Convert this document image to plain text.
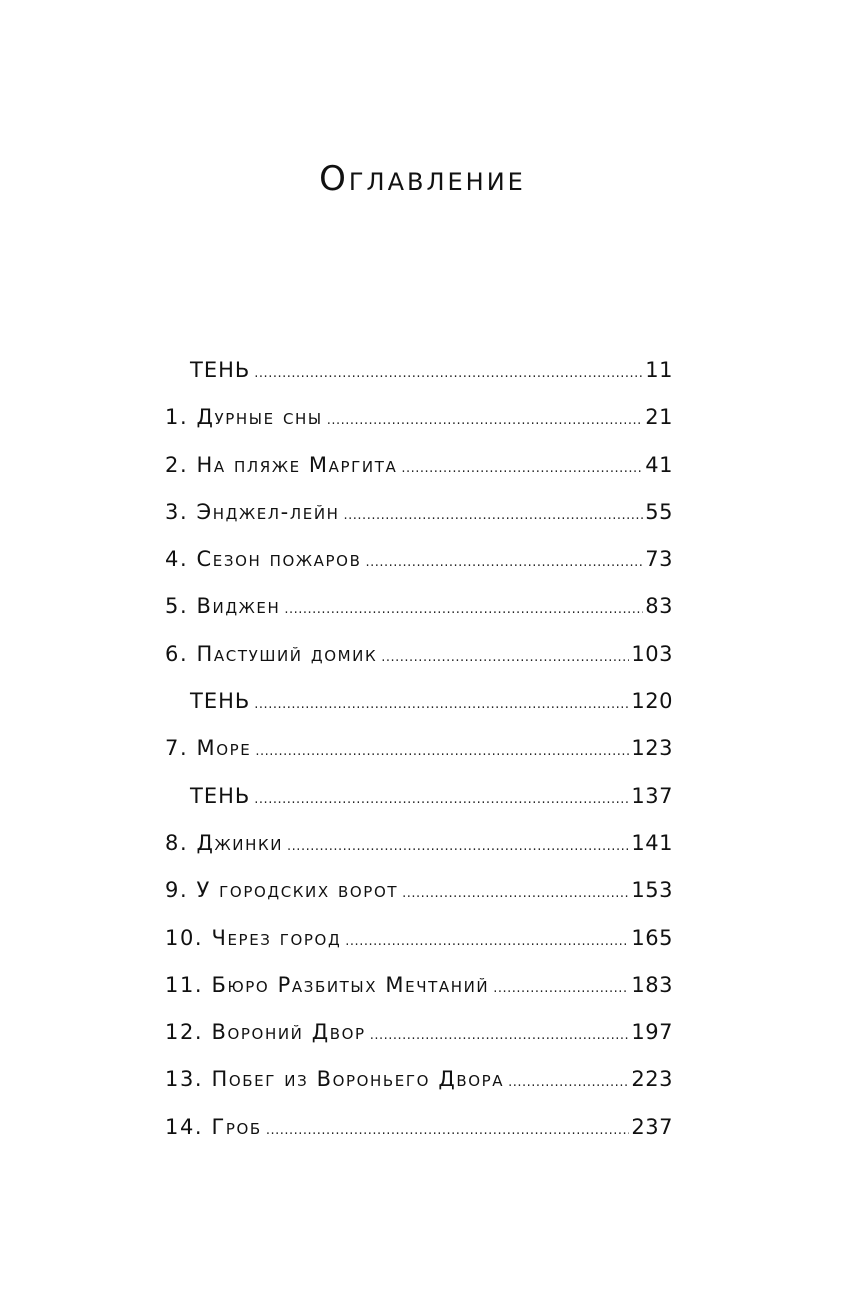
Оглавление
ТЕНЬ .....	11
1. Дурные сны .....	21
2. На пляже Маргита .....	41
3. Энджел-лейн .....	55
4. Сезон пожаров .....	73
5. Виджен .....	83
6. Пастуший домик .....	103
ТЕНЬ .....	120
7. Море .....	123
ТЕНЬ .....	137
8. Джинки .....	141
9. У городских ворот .....	153
10. Через город .....	165
11. Бюро Разбитых Мечтаний .....	183
12. Вороний Двор .....	197
13. Побег из Вороньего Двора .....	223
14. Гроб .....	237
